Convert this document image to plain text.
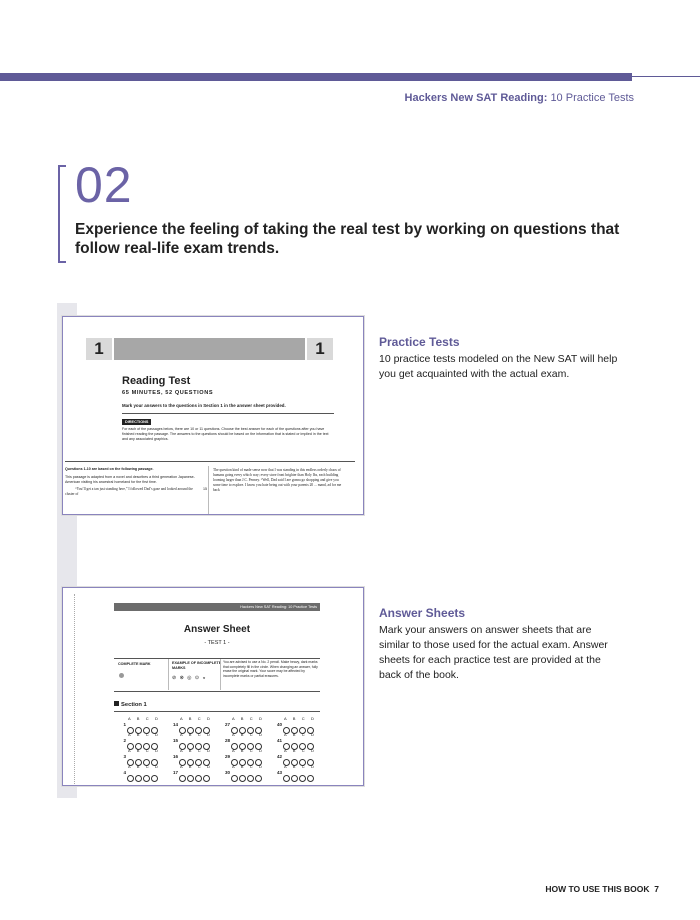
Hackers New SAT Reading: 10 Practice Tests
02
Experience the feeling of taking the real test by working on questions that follow real-life exam trends.
1	1
Reading Test
65 MINUTES, 52 QUESTIONS
Mark your answers to the questions in Section 1 in the answer sheet provided.
DIRECTIONS
For each of the passages below, there are 10 or 11 questions. Choose the best answer for each of the questions after you have finished reading the passage. The answers to the questions should be based on the information that is stated or implied in the text and any associated graphics.
Questions 1-10 are based on the following passage.
This passage is adapted from a novel and describes a third generation Japanese-American visiting his ancestral homeland for the first time.
“You’ll get a tan just standing here,” I followed Dad’s gaze and looked around the cluster of
The question kind of made sense now that I was standing in this endless orderly chaos of humans going every which way; every store front brighter than Holy Ibs, each building looming larger than J.C. Penney. “Well, Dad said I are gonna go shopping and give you some time to explore. I know you hate being out with your parents 20 ... mand, ad for me back
15
Hackers New SAT Reading: 10 Practice Tests
Answer Sheet
- TEST 1 -
COMPLETE MARK	EXAMPLE OF INCOMPLETE MARKS
⊘ ⊗ ◎ ⊙ ◒
You are advised to use a No. 2 pencil. Make heavy, dark marks that completely fill in the circle. When changing an answer, fully erase the original mark. Your score may be affected by incomplete marks or partial erasures.
Section 1
A B C D
1
A B C D
2
A B C D
3
A B C D
4
A B C D
14
A B C D
15
A B C D
16
A B C D
17
A B C D
27
A B C D
28
A B C D
29
A B C D
30
A B C D
40
A B C D
41
A B C D
42
A B C D
43
Practice Tests
10 practice tests modeled on the New SAT will help you get acquainted with the actual exam.
Answer Sheets
Mark your answers on answer sheets that are similar to those used for the actual exam. Answer sheets for each practice test are provided at the back of the book.
HOW TO USE THIS BOOK 7
